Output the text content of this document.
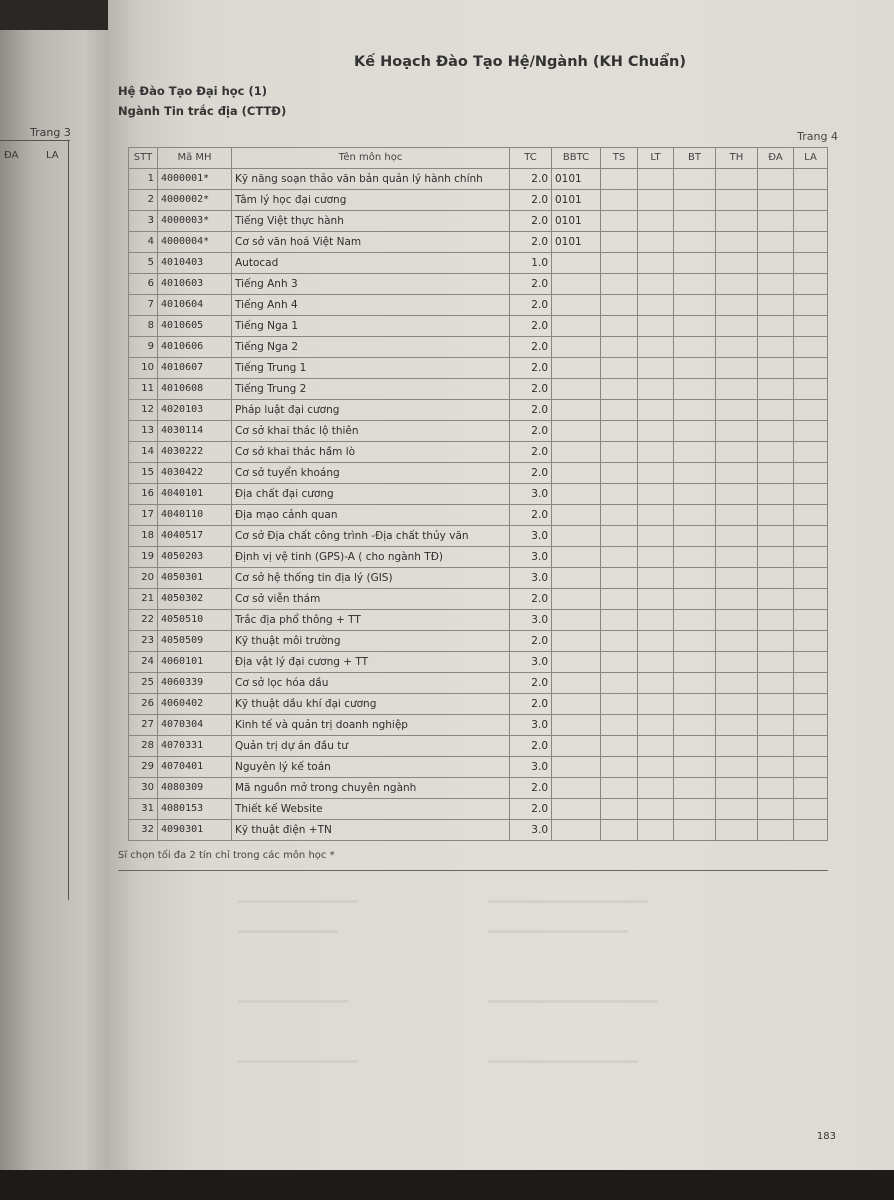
Trang 3
ĐA	LA
Kế Hoạch Đào Tạo Hệ/Ngành (KH Chuẩn)
Hệ Đào Tạo Đại học (1)
Ngành Tin trắc địa (CTTĐ)
Trang 4
STT	Mã MH	Tên môn học	TC	BBTC	TS	LT	BT	TH	ĐA	LA
1	4000001*	Kỹ năng soạn thảo văn bản quản lý hành chính	2.0	0101						
2	4000002*	Tâm lý học đại cương	2.0	0101						
3	4000003*	Tiếng Việt thực hành	2.0	0101						
4	4000004*	Cơ sở văn hoá Việt Nam	2.0	0101						
5	4010403	Autocad	1.0							
6	4010603	Tiếng Anh 3	2.0							
7	4010604	Tiếng Anh 4	2.0							
8	4010605	Tiếng Nga 1	2.0							
9	4010606	Tiếng Nga 2	2.0							
10	4010607	Tiếng Trung 1	2.0							
11	4010608	Tiếng Trung 2	2.0							
12	4020103	Pháp luật đại cương	2.0							
13	4030114	Cơ sở khai thác lộ thiên	2.0							
14	4030222	Cơ sở khai thác hầm lò	2.0							
15	4030422	Cơ sở tuyển khoáng	2.0							
16	4040101	Địa chất đại cương	3.0							
17	4040110	Địa mạo cảnh quan	2.0							
18	4040517	Cơ sở Địa chất công trình -Địa chất thủy văn	3.0							
19	4050203	Định vị vệ tinh (GPS)-A ( cho ngành TĐ)	3.0							
20	4050301	Cơ sở hệ thống tin địa lý (GIS)	3.0							
21	4050302	Cơ sở viễn thám	2.0							
22	4050510	Trắc địa phổ thông + TT	3.0							
23	4050509	Kỹ thuật môi trường	2.0							
24	4060101	Địa vật lý đại cương + TT	3.0							
25	4060339	Cơ sở lọc hóa dầu	2.0							
26	4060402	Kỹ thuật dầu khí đại cương	2.0							
27	4070304	Kinh tế và quản trị doanh nghiệp	3.0							
28	4070331	Quản trị dự án đầu tư	2.0							
29	4070401	Nguyên lý kế toán	3.0							
30	4080309	Mã nguồn mở trong chuyên ngành	2.0							
31	4080153	Thiết kế Website	2.0							
32	4090301	Kỹ thuật điện +TN	3.0							
Sĩ chọn tối đa 2 tín chỉ trong các môn học *
183
